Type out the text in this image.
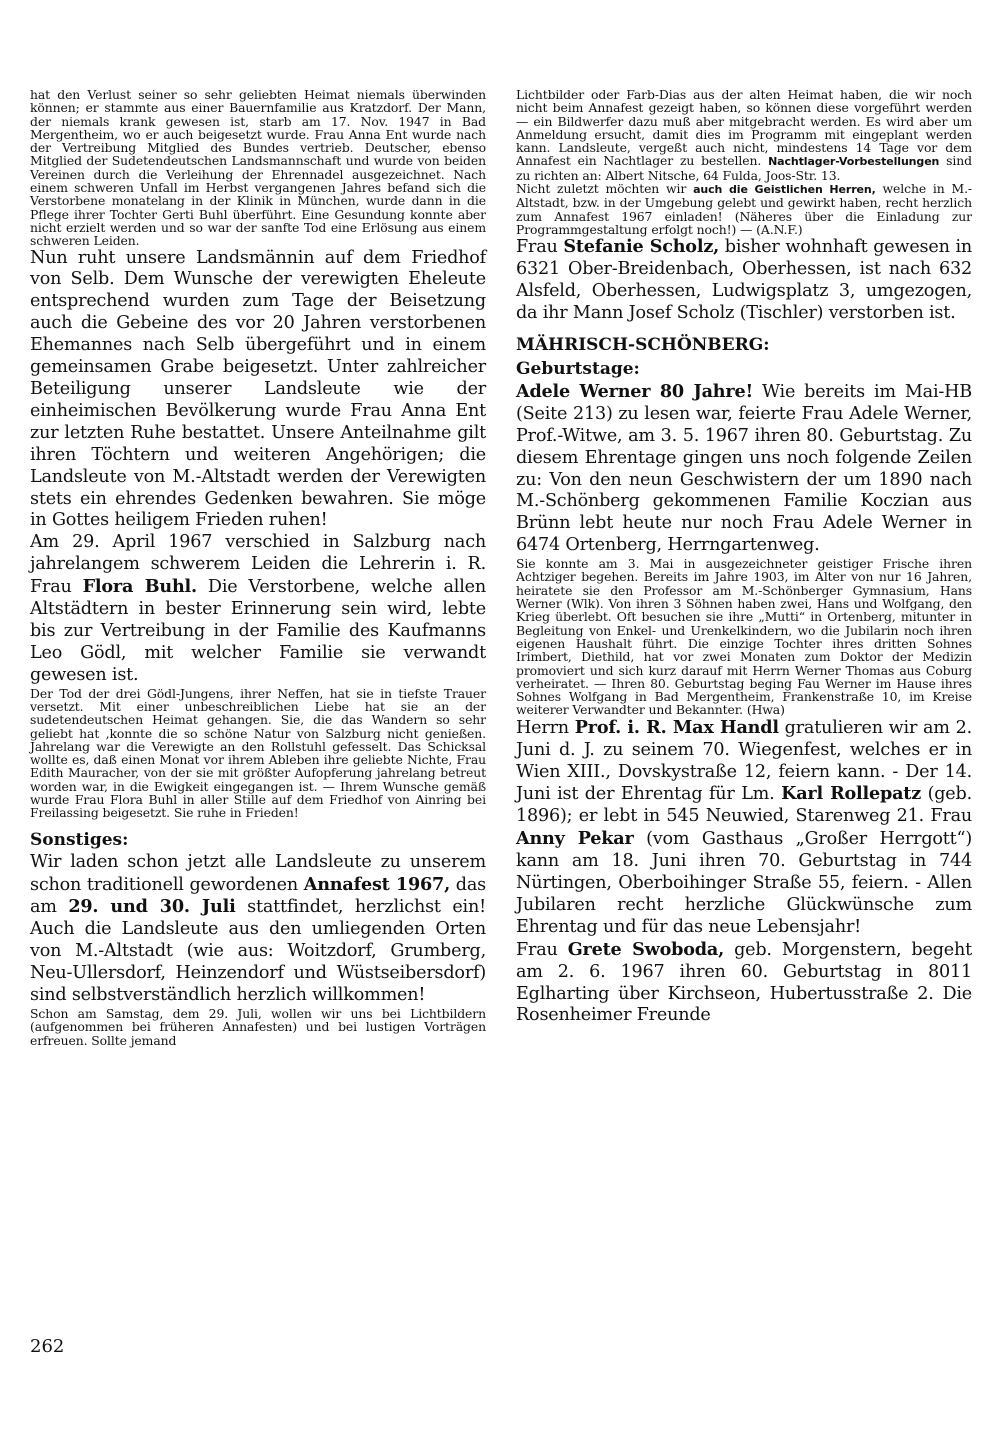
hat den Verlust seiner so sehr geliebten Heimat niemals überwinden können; er stammte aus einer Bauernfamilie aus Kratzdorf. Der Mann, der niemals krank gewesen ist, starb am 17. Nov. 1947 in Bad Mergentheim, wo er auch beigesetzt wurde. Frau Anna Ent wurde nach der Vertreibung Mitglied des Bundes vertrieb. Deutscher, ebenso Mitglied der Sudetendeutschen Landsmannschaft und wurde von beiden Vereinen durch die Verleihung der Ehrennadel ausgezeichnet. Nach einem schweren Unfall im Herbst vergangenen Jahres befand sich die Verstorbene monatelang in der Klinik in München, wurde dann in die Pflege ihrer Tochter Gerti Buhl überführt. Eine Gesundung konnte aber nicht erzielt werden und so war der sanfte Tod eine Erlösung aus einem schweren Leiden.

Nun ruht unsere Landsmännin auf dem Friedhof von Selb. Dem Wunsche der verewigten Eheleute entsprechend wurden zum Tage der Beisetzung auch die Gebeine des vor 20 Jahren verstorbenen Ehemannes nach Selb übergeführt und in einem gemeinsamen Grabe beigesetzt. Unter zahlreicher Beteiligung unserer Landsleute wie der einheimischen Bevölkerung wurde Frau Anna Ent zur letzten Ruhe bestattet. Unsere Anteilnahme gilt ihren Töchtern und weiteren Angehörigen; die Landsleute von M.-Altstadt werden der Verewigten stets ein ehrendes Gedenken bewahren. Sie möge in Gottes heiligem Frieden ruhen!

Am 29. April 1967 verschied in Salzburg nach jahrelangem schwerem Leiden die Lehrerin i. R. Frau Flora Buhl. Die Verstorbene, welche allen Altstädtern in bester Erinnerung sein wird, lebte bis zur Vertreibung in der Familie des Kaufmanns Leo Gödl, mit welcher Familie sie verwandt gewesen ist.

Der Tod der drei Gödl-Jungens, ihrer Neffen, hat sie in tiefste Trauer versetzt. Mit einer unbeschreiblichen Liebe hat sie an der sudetendeutschen Heimat gehangen. Sie, die das Wandern so sehr geliebt hat ,konnte die so schöne Natur von Salzburg nicht genießen. Jahrelang war die Verewigte an den Rollstuhl gefesselt. Das Schicksal wollte es, daß einen Monat vor ihrem Ableben ihre geliebte Nichte, Frau Edith Mauracher, von der sie mit größter Aufopferung jahrelang betreut worden war, in die Ewigkeit eingegangen ist. — Ihrem Wunsche gemäß wurde Frau Flora Buhl in aller Stille auf dem Friedhof von Ainring bei Freilassing beigesetzt. Sie ruhe in Frieden!

Sonstiges:

Wir laden schon jetzt alle Landsleute zu unserem schon traditionell gewordenen Annafest 1967, das am 29. und 30. Juli stattfindet, herzlichst ein! Auch die Landsleute aus den umliegenden Orten von M.-Altstadt (wie aus: Woitzdorf, Grumberg, Neu-Ullersdorf, Heinzendorf und Wüstseibersdorf) sind selbstverständlich herzlich willkommen!

Schon am Samstag, dem 29. Juli, wollen wir uns bei Lichtbildern (aufgenommen bei früheren Annafesten) und bei lustigen Vorträgen erfreuen. Sollte jemand

Lichtbilder oder Farb-Dias aus der alten Heimat haben, die wir noch nicht beim Annafest gezeigt haben, so können diese vorgeführt werden — ein Bildwerfer dazu muß aber mitgebracht werden. Es wird aber um Anmeldung ersucht, damit dies im Programm mit eingeplant werden kann. Landsleute, vergeßt auch nicht, mindestens 14 Tage vor dem Annafest ein Nachtlager zu bestellen. Nachtlager-Vorbestellungen sind zu richten an: Albert Nitsche, 64 Fulda, Joos-Str. 13.

Nicht zuletzt möchten wir auch die Geistlichen Herren, welche in M.-Altstadt, bzw. in der Umgebung gelebt und gewirkt haben, recht herzlich zum Annafest 1967 einladen! (Näheres über die Einladung zur Programmgestaltung erfolgt noch!) — (A.N.F.)

Frau Stefanie Scholz, bisher wohnhaft gewesen in 6321 Ober-Breidenbach, Oberhessen, ist nach 632 Alsfeld, Oberhessen, Ludwigsplatz 3, umgezogen, da ihr Mann Josef Scholz (Tischler) verstorben ist.

MÄHRISCH-SCHÖNBERG:
Geburtstage:

Adele Werner 80 Jahre! Wie bereits im Mai-HB (Seite 213) zu lesen war, feierte Frau Adele Werner, Prof.-Witwe, am 3. 5. 1967 ihren 80. Geburtstag. Zu diesem Ehrentage gingen uns noch folgende Zeilen zu: Von den neun Geschwistern der um 1890 nach M.-Schönberg gekommenen Familie Koczian aus Brünn lebt heute nur noch Frau Adele Werner in 6474 Ortenberg, Herrngartenweg.

Sie konnte am 3. Mai in ausgezeichneter geistiger Frische ihren Achtziger begehen. Bereits im Jahre 1903, im Alter von nur 16 Jahren, heiratete sie den Professor am M.-Schönberger Gymnasium, Hans Werner (Wlk). Von ihren 3 Söhnen haben zwei, Hans und Wolfgang, den Krieg überlebt. Oft besuchen sie ihre „Mutti“ in Ortenberg, mitunter in Begleitung von Enkel- und Urenkelkindern, wo die Jubilarin noch ihren eigenen Haushalt führt. Die einzige Tochter ihres dritten Sohnes Irimbert, Diethild, hat vor zwei Monaten zum Doktor der Medizin promoviert und sich kurz darauf mit Herrn Werner Thomas aus Coburg verheiratet. — Ihren 80. Geburtstag beging Fau Werner im Hause ihres Sohnes Wolfgang in Bad Mergentheim, Frankenstraße 10, im Kreise weiterer Verwandter und Bekannter. (Hwa)

Herrn Prof. i. R. Max Handl gratulieren wir am 2. Juni d. J. zu seinem 70. Wiegenfest, welches er in Wien XIII., Dovskystraße 12, feiern kann. - Der 14. Juni ist der Ehrentag für Lm. Karl Rollepatz (geb. 1896); er lebt in 545 Neuwied, Starenweg 21. Frau Anny Pekar (vom Gasthaus „Großer Herrgott“) kann am 18. Juni ihren 70. Geburtstag in 744 Nürtingen, Oberboihinger Straße 55, feiern. - Allen Jubilaren recht herzliche Glückwünsche zum Ehrentag und für das neue Lebensjahr!

Frau Grete Swoboda, geb. Morgenstern, begeht am 2. 6. 1967 ihren 60. Geburtstag in 8011 Eglharting über Kirchseon, Hubertusstraße 2. Die Rosenheimer Freunde

262
